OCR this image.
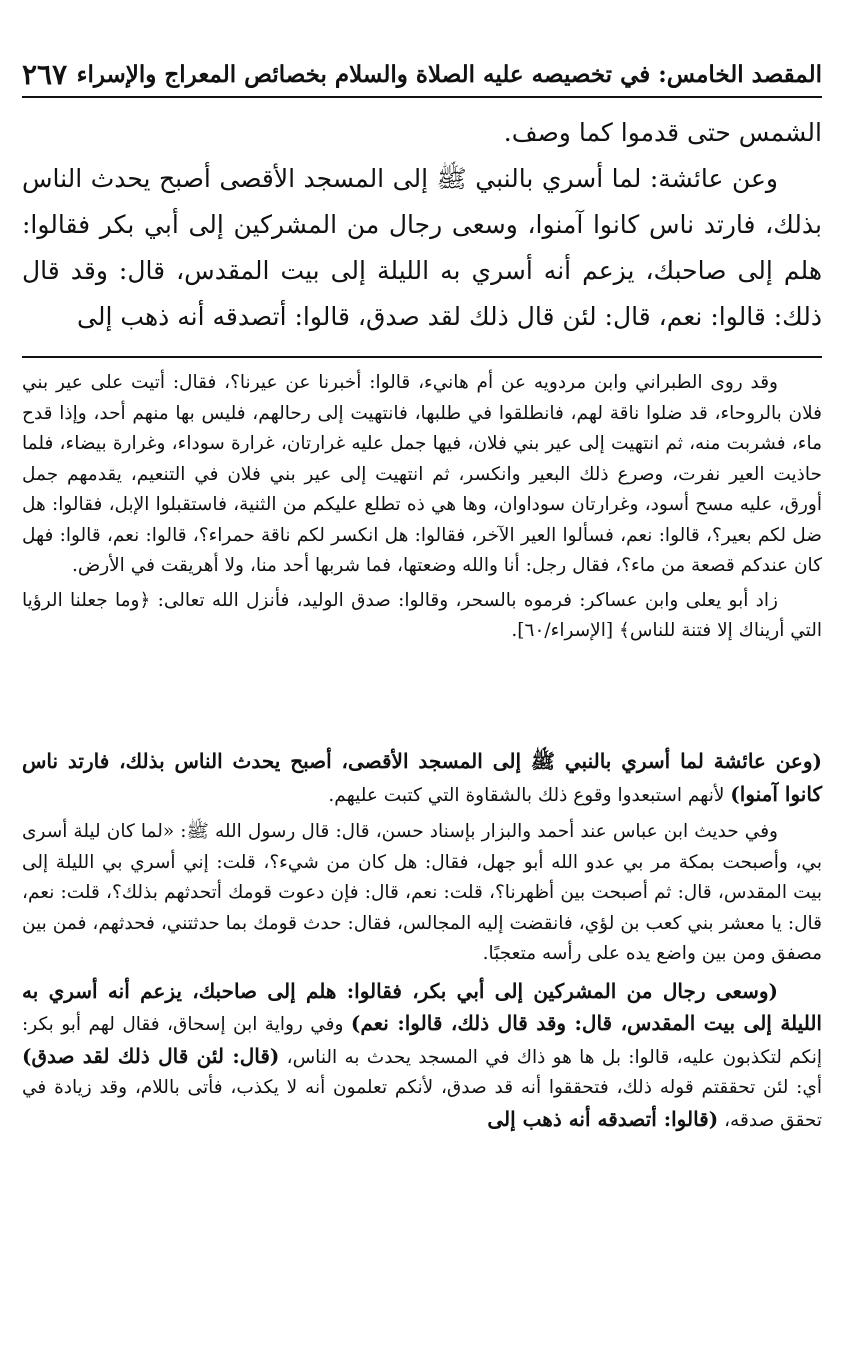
المقصد الخامس: في تخصيصه عليه الصلاة والسلام بخصائص المعراج والإسراء
٢٦٧

الشمس حتى قدموا كما وصف.

وعن عائشة: لما أسري بالنبي ﷺ إلى المسجد الأقصى أصبح يحدث الناس بذلك، فارتد ناس كانوا آمنوا، وسعى رجال من المشركين إلى أبي بكر فقالوا: هلم إلى صاحبك، يزعم أنه أسري به الليلة إلى بيت المقدس، قال: وقد قال ذلك: قالوا: نعم، قال: لئن قال ذلك لقد صدق، قالوا: أتصدقه أنه ذهب إلى

وقد روى الطبراني وابن مردويه عن أم هانيء، قالوا: أخبرنا عن عيرنا؟، فقال: أتيت على عير بني فلان بالروحاء، قد ضلوا ناقة لهم، فانطلقوا في طلبها، فانتهيت إلى رحالهم، فليس بها منهم أحد، وإذا قدح ماء، فشربت منه، ثم انتهيت إلى عير بني فلان، فيها جمل عليه غرارتان، غرارة سوداء، وغرارة بيضاء، فلما حاذيت العير نفرت، وصرع ذلك البعير وانكسر، ثم انتهيت إلى عير بني فلان في التنعيم، يقدمهم جمل أورق، عليه مسح أسود، وغرارتان سوداوان، وها هي ذه تطلع عليكم من الثنية، فاستقبلوا الإبل، فقالوا: هل ضل لكم بعير؟، قالوا: نعم، فسألوا العير الآخر، فقالوا: هل انكسر لكم ناقة حمراء؟، قالوا: نعم، قالوا: فهل كان عندكم قصعة من ماء؟، فقال رجل: أنا والله وضعتها، فما شربها أحد منا، ولا أهريقت في الأرض.

زاد أبو يعلى وابن عساكر: فرموه بالسحر، وقالوا: صدق الوليد، فأنزل الله تعالى: ﴿وما جعلنا الرؤيا التي أريناك إلا فتنة للناس﴾ [الإسراء/٦٠].

(وعن عائشة لما أسري بالنبي ﷺ إلى المسجد الأقصى، أصبح يحدث الناس بذلك، فارتد ناس كانوا آمنوا) لأنهم استبعدوا وقوع ذلك بالشقاوة التي كتبت عليهم.

وفي حديث ابن عباس عند أحمد والبزار بإسناد حسن، قال: قال رسول الله ﷺ: «لما كان ليلة أسرى بي، وأصبحت بمكة مر بي عدو الله أبو جهل، فقال: هل كان من شيء؟، قلت: إني أسري بي الليلة إلى بيت المقدس، قال: ثم أصبحت بين أظهرنا؟، قلت: نعم، قال: فإن دعوت قومك أتحدثهم بذلك؟، قلت: نعم، قال: يا معشر بني كعب بن لؤي، فانقضت إليه المجالس، فقال: حدث قومك بما حدثتني، فحدثهم، فمن بين مصفق ومن بين واضع يده على رأسه متعجبًا.

(وسعى رجال من المشركين إلى أبي بكر، فقالوا: هلم إلى صاحبك، يزعم أنه أسري به الليلة إلى بيت المقدس، قال: وقد قال ذلك، قالوا: نعم) وفي رواية ابن إسحاق، فقال لهم أبو بكر: إنكم لتكذبون عليه، قالوا: بل ها هو ذاك في المسجد يحدث به الناس، (قال: لئن قال ذلك لقد صدق) أي: لئن تحققتم قوله ذلك، فتحققوا أنه قد صدق، لأنكم تعلمون أنه لا يكذب، فأتى باللام، وقد زيادة في تحقق صدقه، (قالوا: أتصدقه أنه ذهب إلى
